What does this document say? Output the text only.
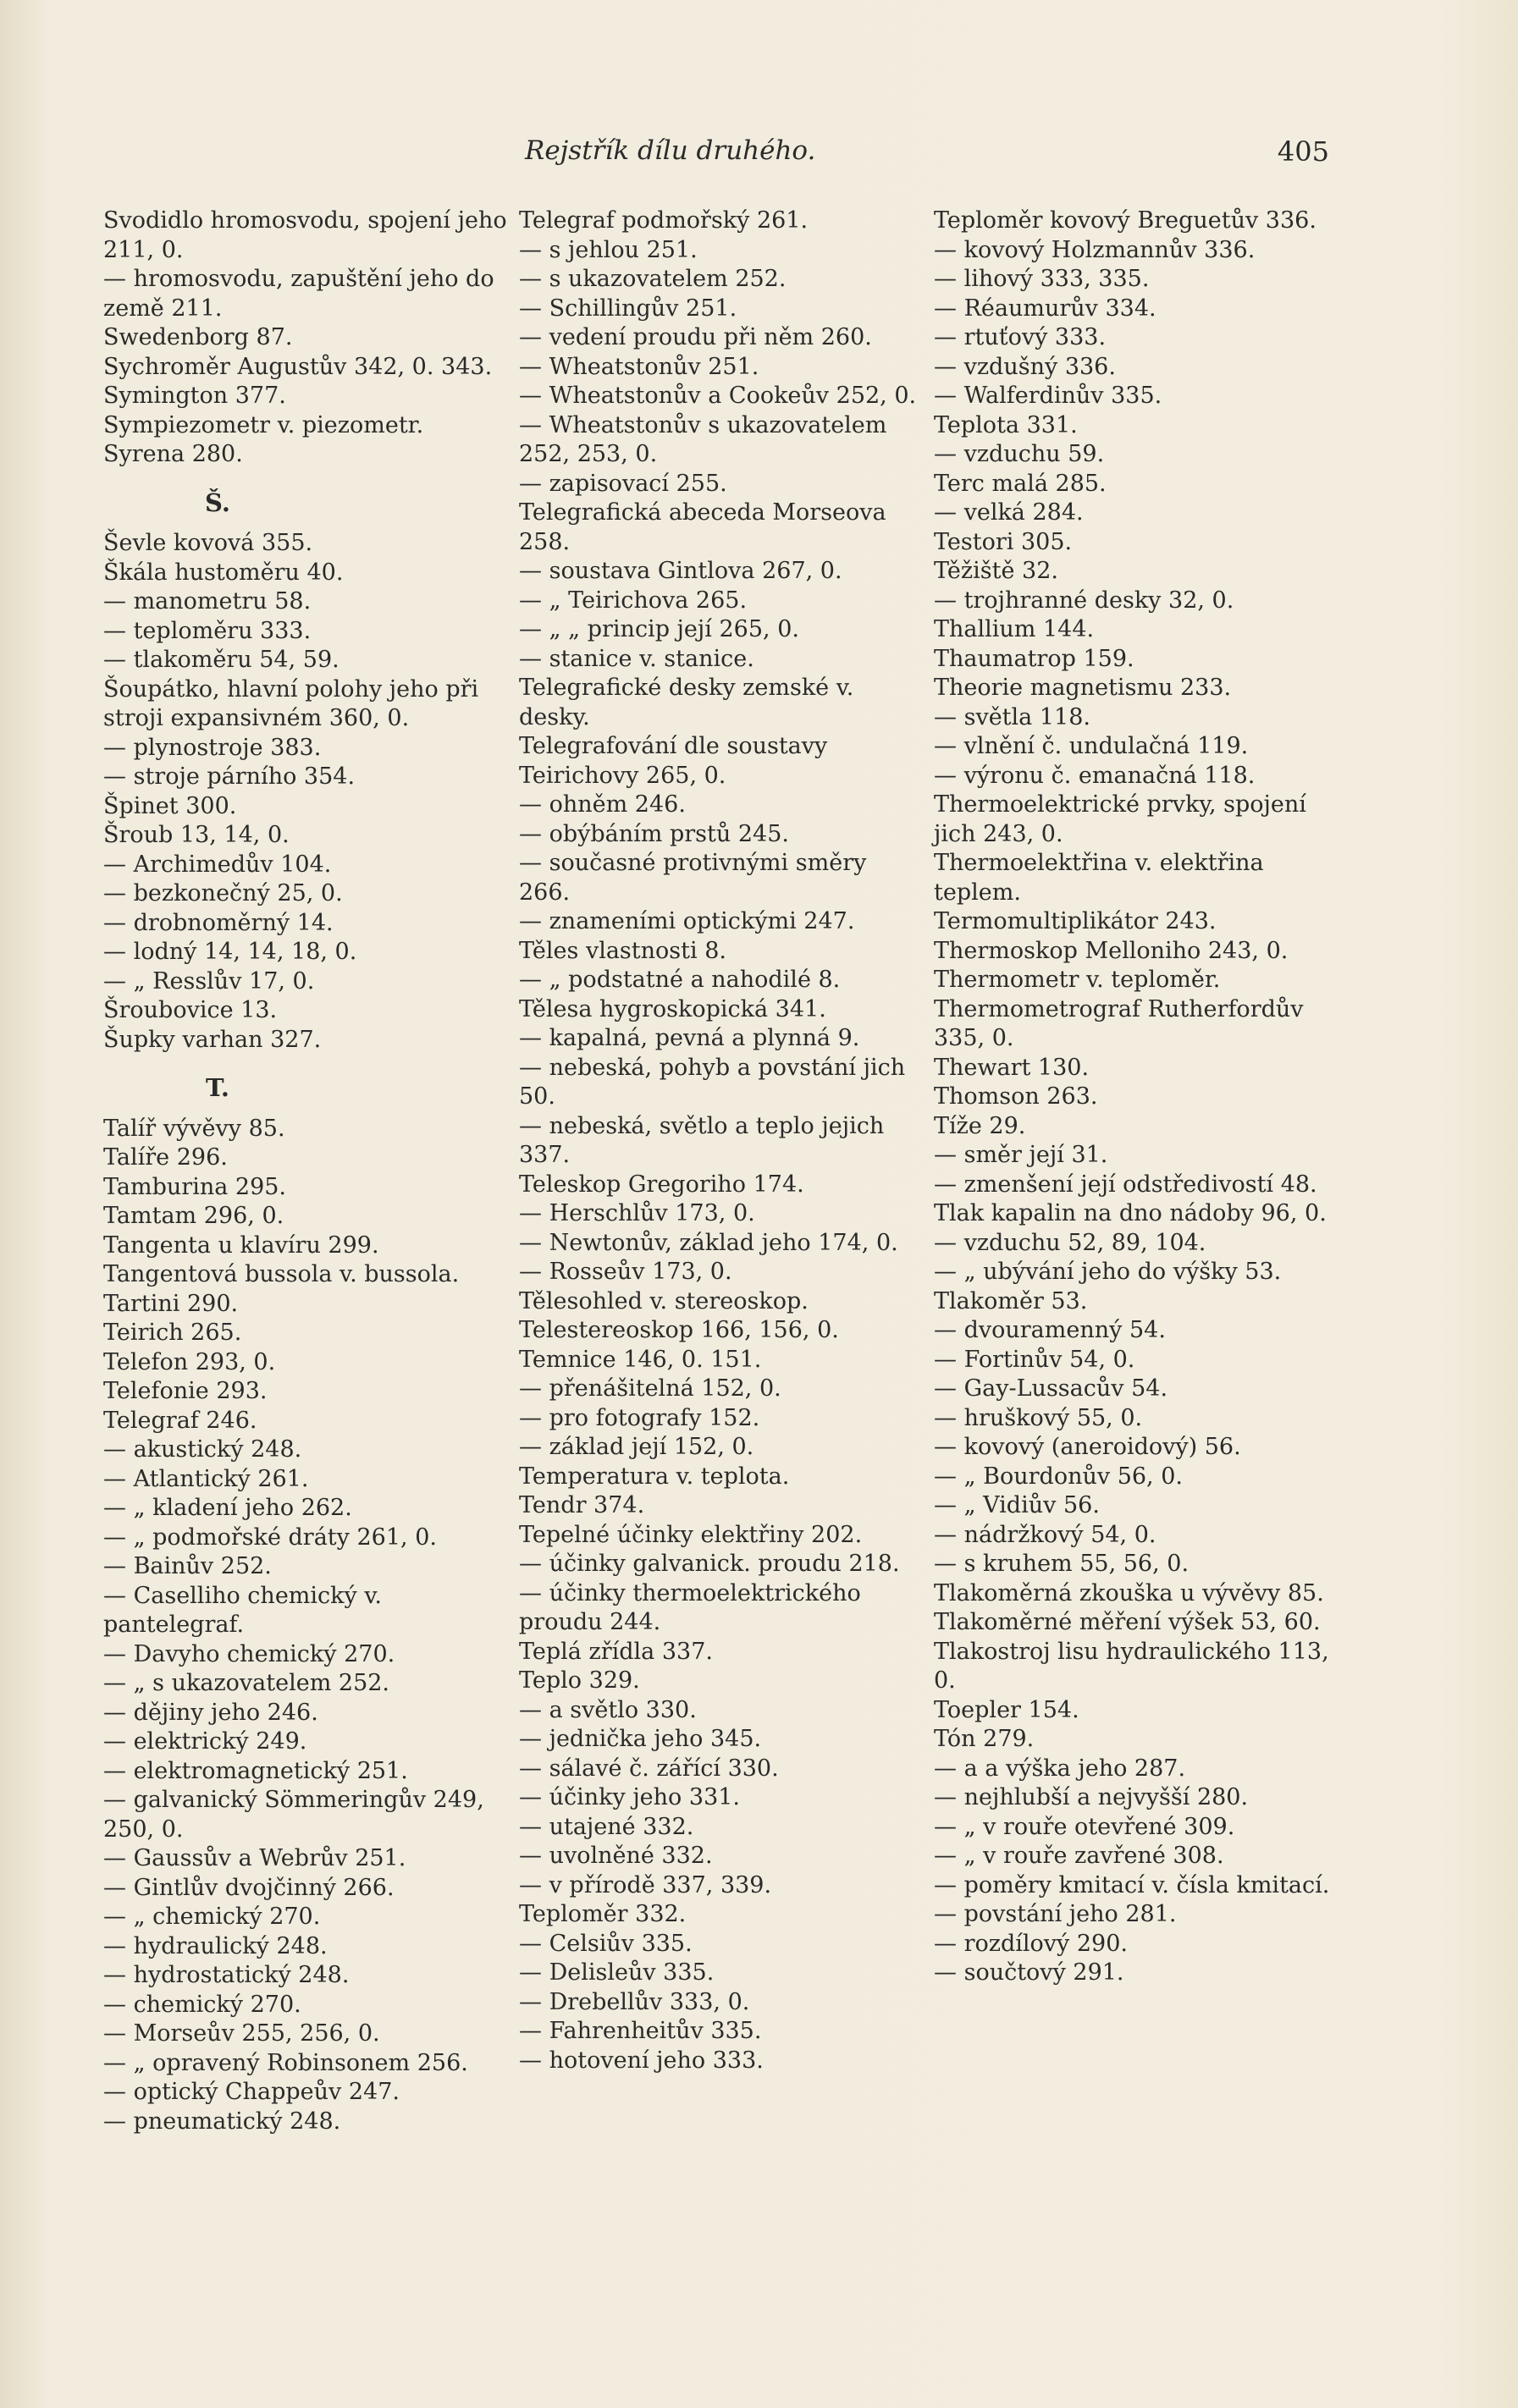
Rejstřík dílu druhého.	405

Svodidlo hromosvodu, spojení jeho 211, 0.

— hromosvodu, zapuštění jeho do země 211.

Swedenborg 87.

Sychroměr Augustův 342, 0. 343.

Symington 377.

Sympiezometr v. piezometr.

Syrena 280.

Š.

Ševle kovová 355.

Škála hustoměru 40.

— manometru 58.

— teploměru 333.

— tlakoměru 54, 59.

Šoupátko, hlavní polohy jeho při stroji expansivném 360, 0.

— plynostroje 383.

— stroje párního 354.

Špinet 300.

Šroub 13, 14, 0.

— Archimedův 104.

— bezkonečný 25, 0.

— drobnoměrný 14.

— lodný 14, 14, 18, 0.

— „ Resslův 17, 0.

Šroubovice 13.

Šupky varhan 327.

T.

Talíř vývěvy 85.

Talíře 296.

Tamburina 295.

Tamtam 296, 0.

Tangenta u klavíru 299.

Tangentová bussola v. bussola.

Tartini 290.

Teirich 265.

Telefon 293, 0.

Telefonie 293.

Telegraf 246.

— akustický 248.

— Atlantický 261.

— „ kladení jeho 262.

— „ podmořské dráty 261, 0.

— Bainův 252.

— Caselliho chemický v. pantelegraf.

— Davyho chemický 270.

— „ s ukazovatelem 252.

— dějiny jeho 246.

— elektrický 249.

— elektromagnetický 251.

— galvanický Sömmeringův 249, 250, 0.

— Gaussův a Webrův 251.

— Gintlův dvojčinný 266.

— „ chemický 270.

— hydraulický 248.

— hydrostatický 248.

— chemický 270.

— Morseův 255, 256, 0.

— „ opravený Robinsonem 256.

— optický Chappeův 247.

— pneumatický 248.

Telegraf podmořský 261.

— s jehlou 251.

— s ukazovatelem 252.

— Schillingův 251.

— vedení proudu při něm 260.

— Wheatstonův 251.

— Wheatstonův a Cookeův 252, 0.

— Wheatstonův s ukazovatelem 252, 253, 0.

— zapisovací 255.

Telegrafická abeceda Morseova 258.

— soustava Gintlova 267, 0.

— „ Teirichova 265.

— „ „ princip její 265, 0.

— stanice v. stanice.

Telegrafické desky zemské v. desky.

Telegrafování dle soustavy Teirichovy 265, 0.

— ohněm 246.

— obýbáním prstů 245.

— současné protivnými směry 266.

— znameními optickými 247.

Těles vlastnosti 8.

— „ podstatné a nahodilé 8.

Tělesa hygroskopická 341.

— kapalná, pevná a plynná 9.

— nebeská, pohyb a povstání jich 50.

— nebeská, světlo a teplo jejich 337.

Teleskop Gregoriho 174.

— Herschlův 173, 0.

— Newtonův, základ jeho 174, 0.

— Rosseův 173, 0.

Tělesohled v. stereoskop.

Telestereoskop 166, 156, 0.

Temnice 146, 0. 151.

— přenášitelná 152, 0.

— pro fotografy 152.

— základ její 152, 0.

Temperatura v. teplota.

Tendr 374.

Tepelné účinky elektřiny 202.

— účinky galvanick. proudu 218.

— účinky thermoelektrického proudu 244.

Teplá zřídla 337.

Teplo 329.

— a světlo 330.

— jednička jeho 345.

— sálavé č. zářící 330.

— účinky jeho 331.

— utajené 332.

— uvolněné 332.

— v přírodě 337, 339.

Teploměr 332.

— Celsiův 335.

— Delisleův 335.

— Drebellův 333, 0.

— Fahrenheitův 335.

— hotovení jeho 333.

Teploměr kovový Breguetův 336.

— kovový Holzmannův 336.

— lihový 333, 335.

— Réaumurův 334.

— rtuťový 333.

— vzdušný 336.

— Walferdinův 335.

Teplota 331.

— vzduchu 59.

Terc malá 285.

— velká 284.

Testori 305.

Těžiště 32.

— trojhranné desky 32, 0.

Thallium 144.

Thaumatrop 159.

Theorie magnetismu 233.

— světla 118.

— vlnění č. undulačná 119.

— výronu č. emanačná 118.

Thermoelektrické prvky, spojení jich 243, 0.

Thermoelektřina v. elektřina teplem.

Termomultiplikátor 243.

Thermoskop Melloniho 243, 0.

Thermometr v. teploměr.

Thermometrograf Rutherfordův 335, 0.

Thewart 130.

Thomson 263.

Tíže 29.

— směr její 31.

— zmenšení její odstředivostí 48.

Tlak kapalin na dno nádoby 96, 0.

— vzduchu 52, 89, 104.

— „ ubývání jeho do výšky 53.

Tlakoměr 53.

— dvouramenný 54.

— Fortinův 54, 0.

— Gay-Lussacův 54.

— hruškový 55, 0.

— kovový (aneroidový) 56.

— „ Bourdonův 56, 0.

— „ Vidiův 56.

— nádržkový 54, 0.

— s kruhem 55, 56, 0.

Tlakoměrná zkouška u vývěvy 85.

Tlakoměrné měření výšek 53, 60.

Tlakostroj lisu hydraulického 113, 0.

Toepler 154.

Tón 279.

— a a výška jeho 287.

— nejhlubší a nejvyšší 280.

— „ v rouře otevřené 309.

— „ v rouře zavřené 308.

— poměry kmitací v. čísla kmitací.

— povstání jeho 281.

— rozdílový 290.

— součtový 291.
